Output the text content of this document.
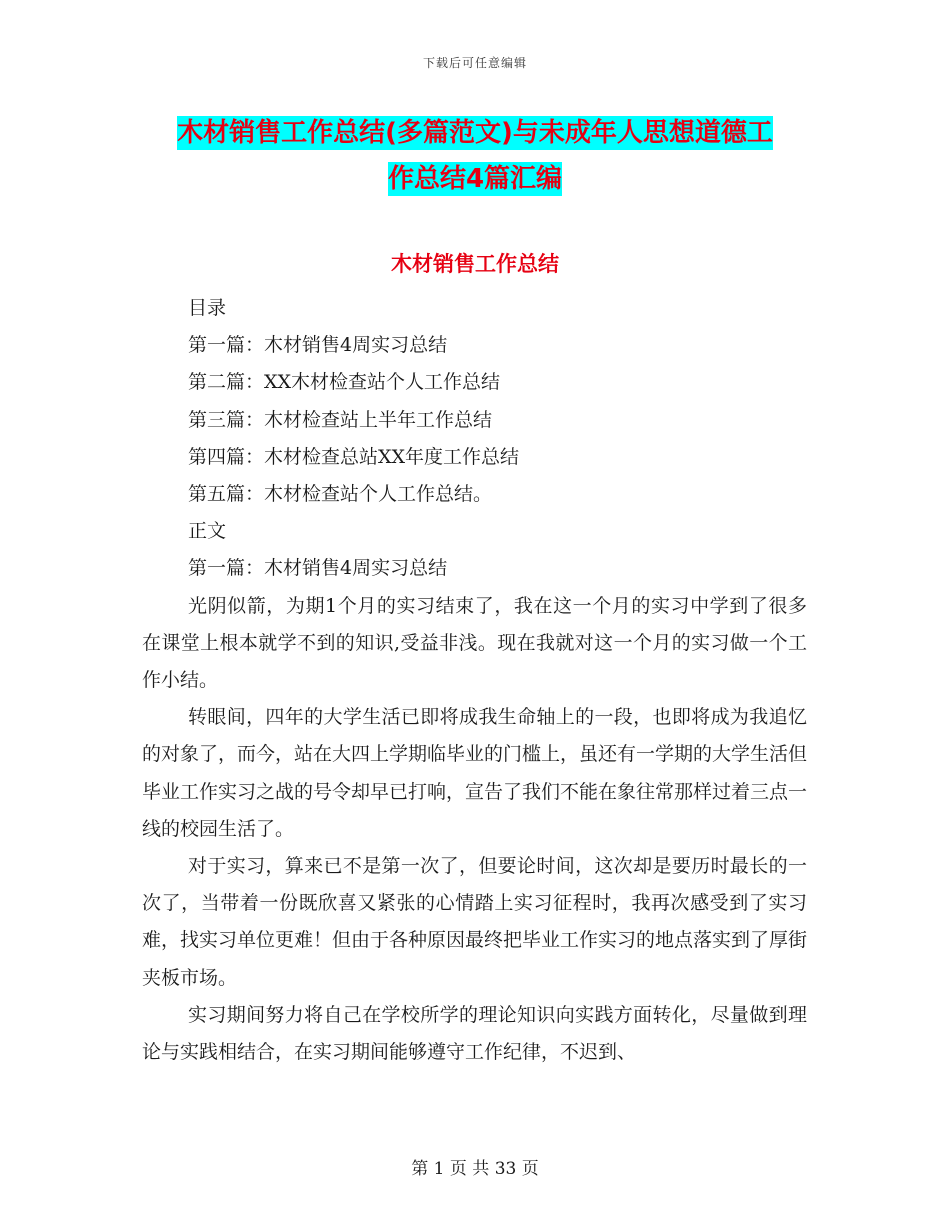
下载后可任意编辑
木材销售工作总结(多篇范文)与未成年人思想道德工
作总结4篇汇编
木材销售工作总结
目录
第一篇：木材销售4周实习总结
第二篇：XX木材检查站个人工作总结
第三篇：木材检查站上半年工作总结
第四篇：木材检查总站XX年度工作总结
第五篇：木材检查站个人工作总结。
正文
第一篇：木材销售4周实习总结

光阴似箭，为期1个月的实习结束了，我在这一个月的实习中学到了很多在课堂上根本就学不到的知识,受益非浅。现在我就对这一个月的实习做一个工作小结。

转眼间，四年的大学生活已即将成我生命轴上的一段，也即将成为我追忆的对象了，而今，站在大四上学期临毕业的门槛上，虽还有一学期的大学生活但毕业工作实习之战的号令却早已打响，宣告了我们不能在象往常那样过着三点一线的校园生活了。

对于实习，算来已不是第一次了，但要论时间，这次却是要历时最长的一次了，当带着一份既欣喜又紧张的心情踏上实习征程时，我再次感受到了实习难，找实习单位更难！但由于各种原因最终把毕业工作实习的地点落实到了厚街夹板市场。

实习期间努力将自己在学校所学的理论知识向实践方面转化，尽量做到理论与实践相结合，在实习期间能够遵守工作纪律，不迟到、

第 1 页 共 33 页
